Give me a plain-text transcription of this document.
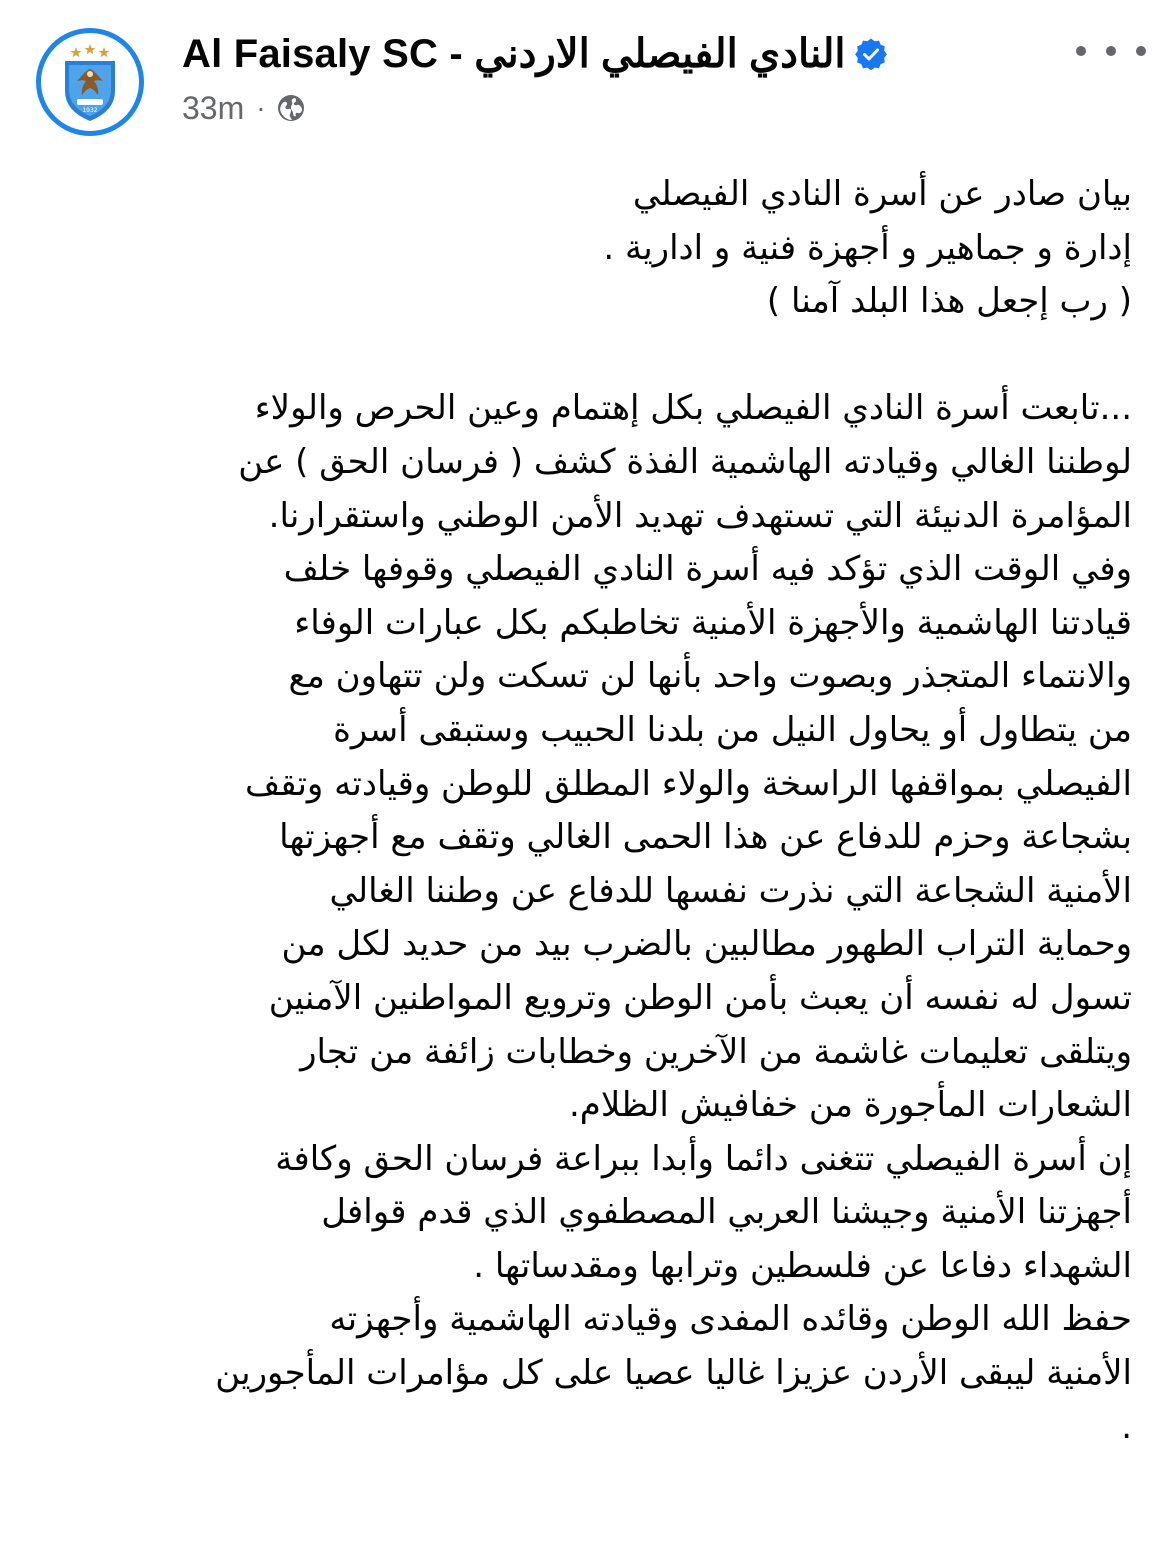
1932
Al Faisaly SC - النادي الفيصلي الاردني
33m ·
بيان صادر عن أسرة النادي الفيصلي
إدارة و جماهير و أجهزة فنية و ادارية .
( رب إجعل هذا البلد آمنا )
...تابعت أسرة النادي الفيصلي بكل إهتمام وعين الحرص والولاء
لوطننا الغالي وقيادته الهاشمية الفذة كشف ( فرسان الحق ) عن
المؤامرة الدنيئة التي تستهدف تهديد الأمن الوطني واستقرارنا.
وفي الوقت الذي تؤكد فيه أسرة النادي الفيصلي وقوفها خلف
قيادتنا الهاشمية والأجهزة الأمنية تخاطبكم بكل عبارات الوفاء
والانتماء المتجذر وبصوت واحد بأنها لن تسكت ولن تتهاون مع
من يتطاول أو يحاول النيل من بلدنا الحبيب وستبقى أسرة
الفيصلي بمواقفها الراسخة والولاء المطلق للوطن وقيادته وتقف
بشجاعة وحزم للدفاع عن هذا الحمى الغالي وتقف مع أجهزتها
الأمنية الشجاعة التي نذرت نفسها للدفاع عن وطننا الغالي
وحماية التراب الطهور مطالبين بالضرب بيد من حديد لكل من
تسول له نفسه أن يعبث بأمن الوطن وترويع المواطنين الآمنين
ويتلقى تعليمات غاشمة من الآخرين وخطابات زائفة من تجار
الشعارات المأجورة من خفافيش الظلام.
إن أسرة الفيصلي تتغنى دائما وأبدا ببراعة فرسان الحق وكافة
أجهزتنا الأمنية وجيشنا العربي المصطفوي الذي قدم قوافل
الشهداء دفاعا عن فلسطين وترابها ومقدساتها .
حفظ الله الوطن وقائده المفدى وقيادته الهاشمية وأجهزته
الأمنية ليبقى الأردن عزيزا غاليا عصيا على كل مؤامرات المأجورين
.
